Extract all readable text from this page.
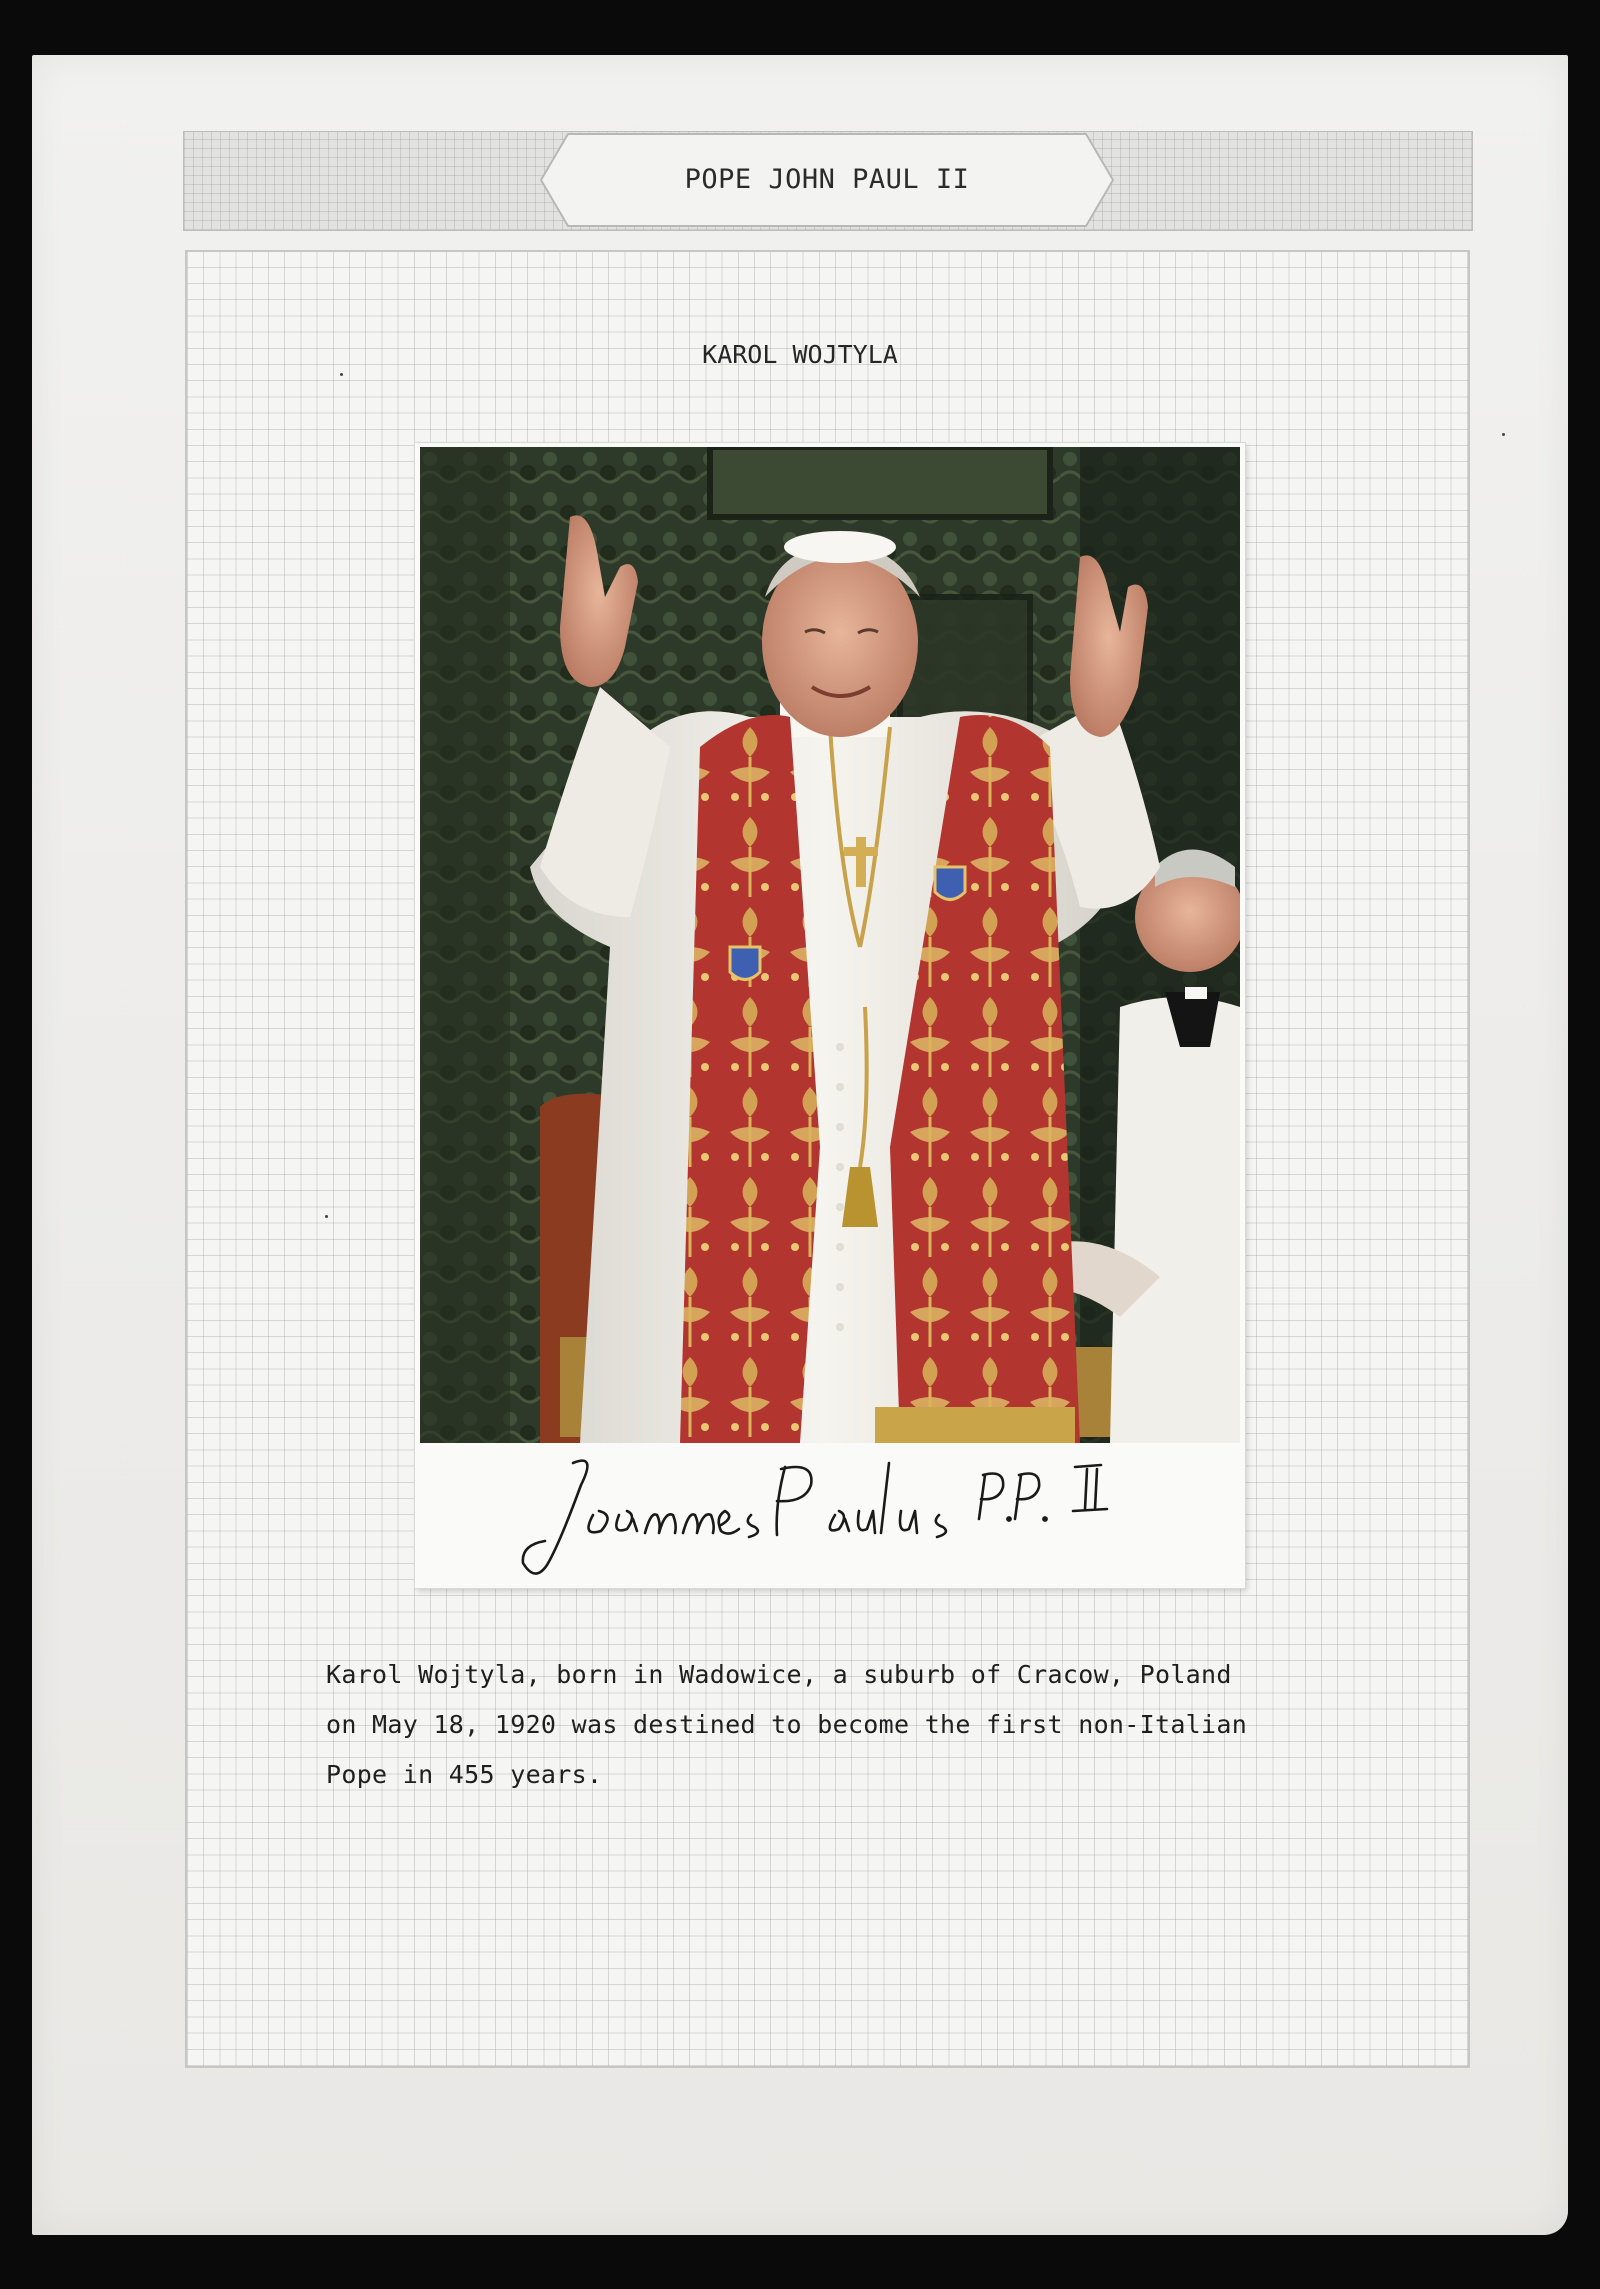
POPE JOHN PAUL II
KAROL WOJTYLA
Karol Wojtyla, born in Wadowice, a suburb of Cracow, Poland
on May 18, 1920 was destined to become the first non-Italian
Pope in 455 years.
